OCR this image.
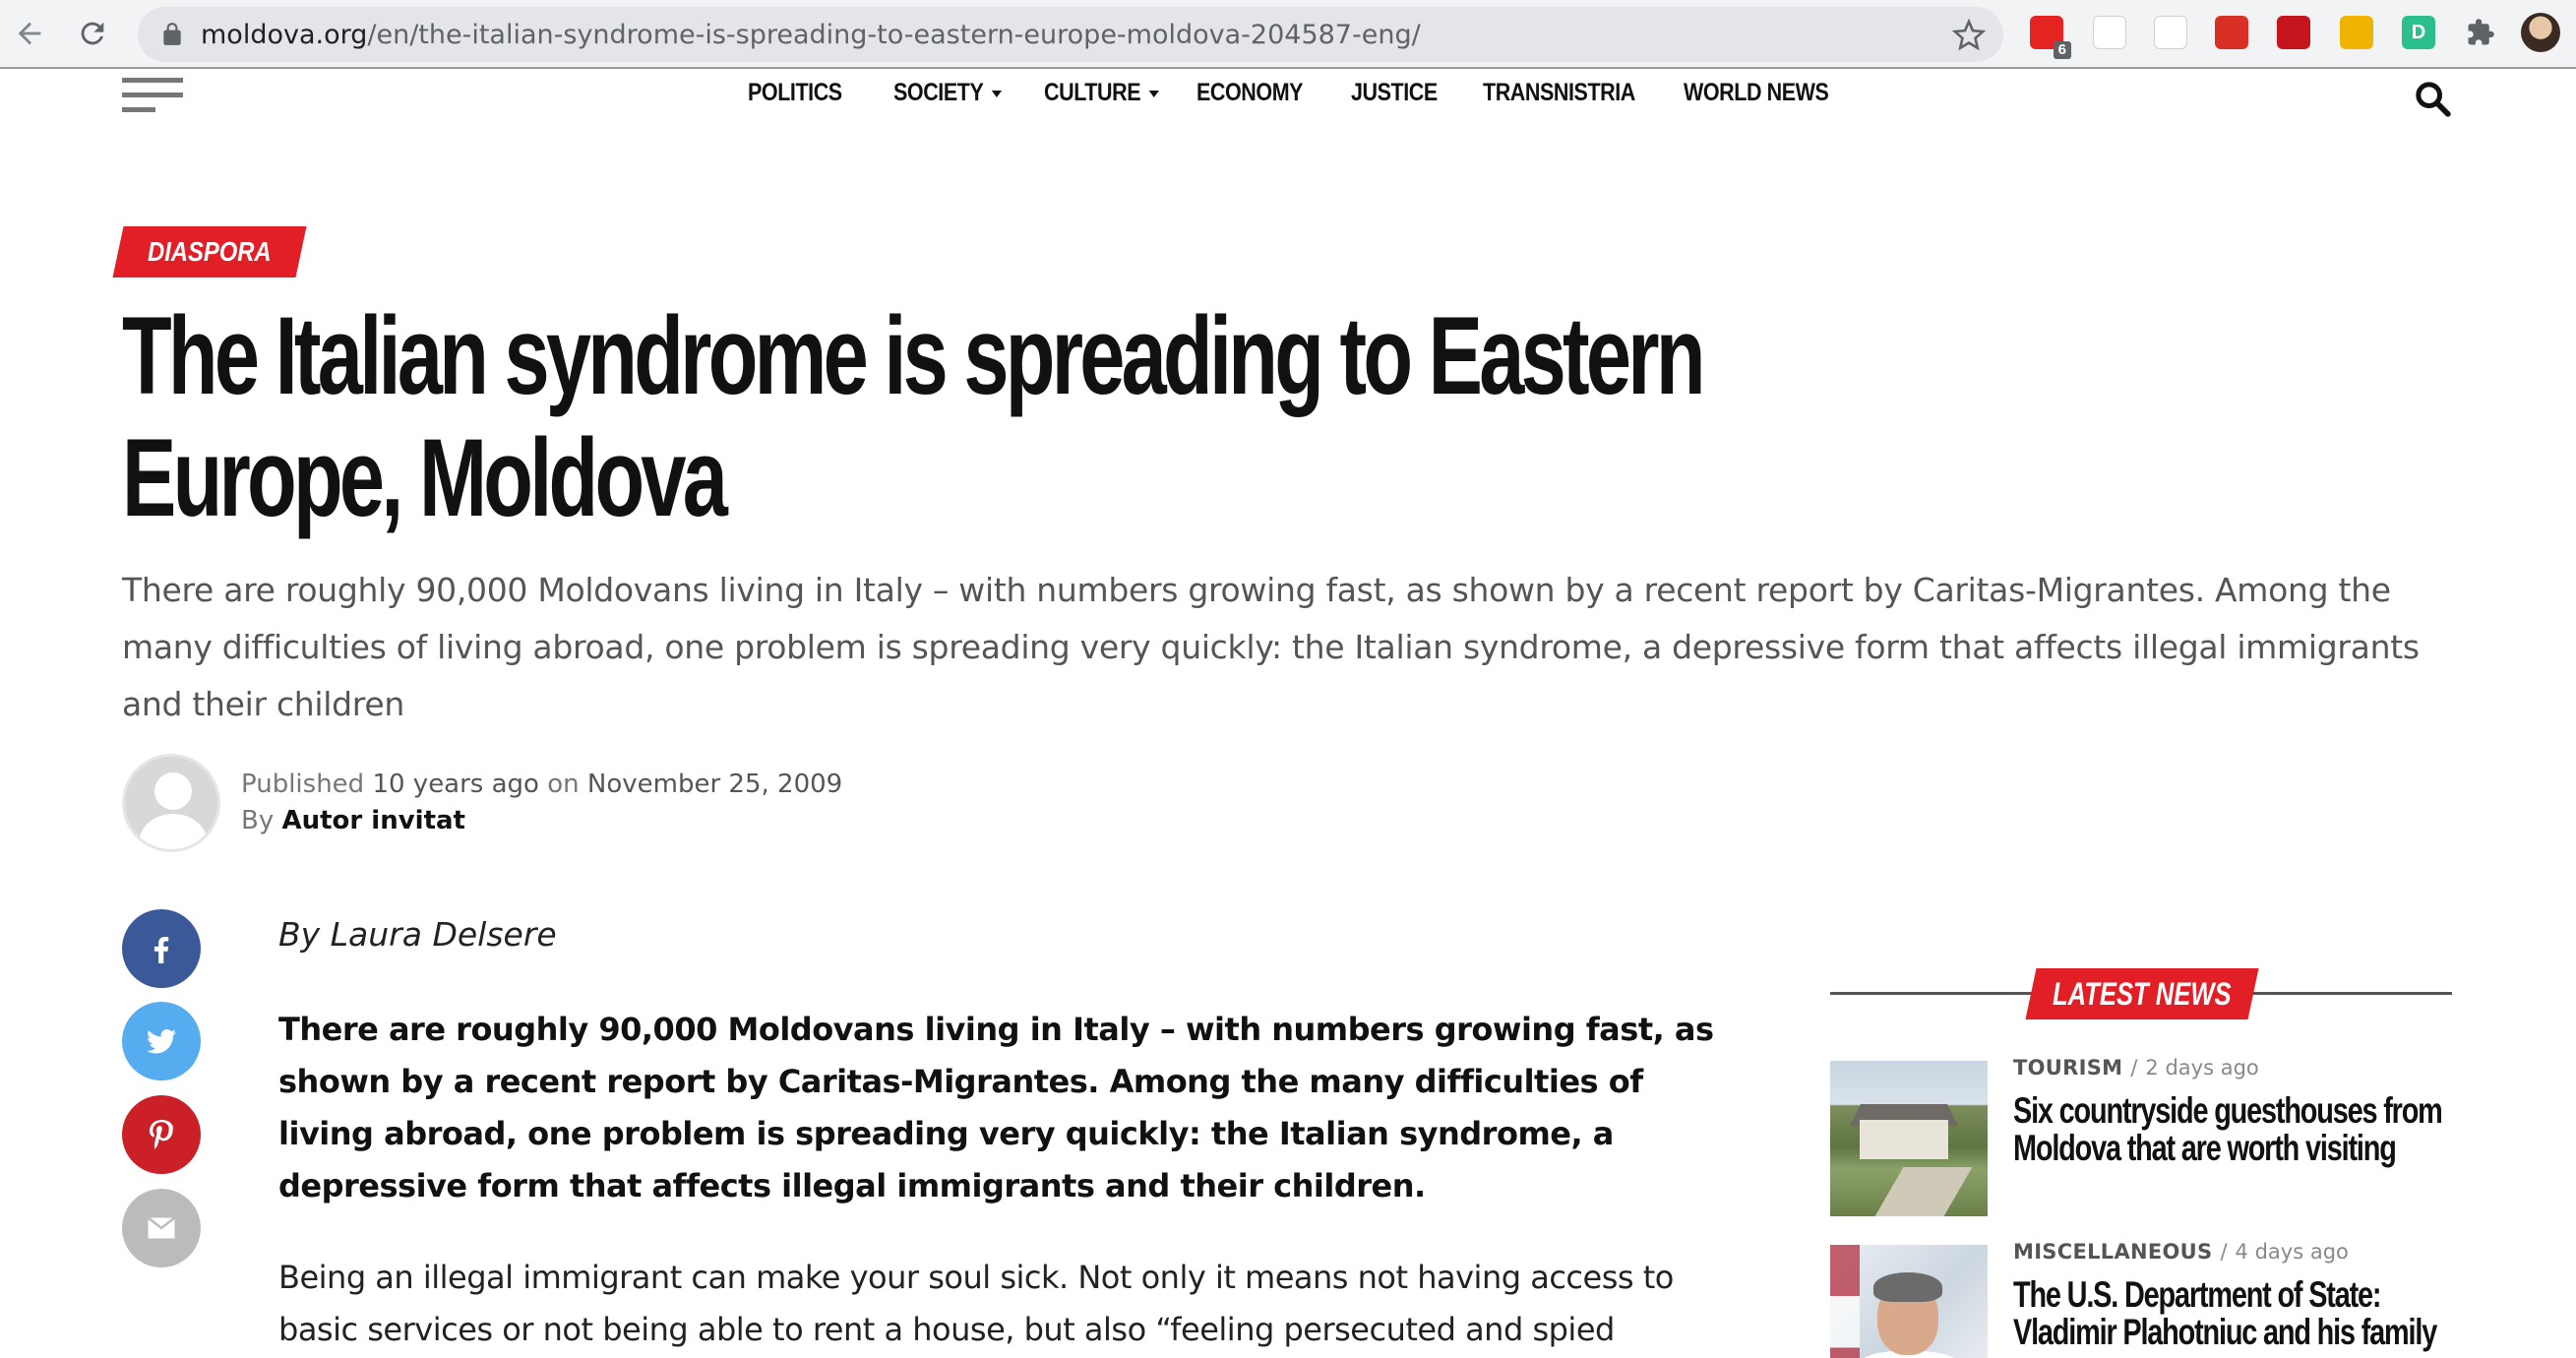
moldova.org/en/the-italian-syndrome-is-spreading-to-eastern-europe-moldova-204587-eng/	6
D
POLITICS SOCIETY	CULTURE	ECONOMY JUSTICE TRANSNISTRIA WORLD NEWS
DIASPORA
The Italian syndrome is spreading to Eastern Europe, Moldova

There are roughly 90,000 Moldovans living in Italy – with numbers growing fast, as shown by a recent report by Caritas-Migrantes. Among the many difficulties of living abroad, one problem is spreading very quickly: the Italian syndrome, a depressive form that affects illegal immigrants and their children

Published 10 years ago on November 25, 2009
By Autor invitat

By Laura Delsere

There are roughly 90,000 Moldovans living in Italy – with numbers growing fast, as shown by a recent report by Caritas-Migrantes. Among the many difficulties of living abroad, one problem is spreading very quickly: the Italian syndrome, a depressive form that affects illegal immigrants and their children.

Being an illegal immigrant can make your soul sick. Not only it means not having access to basic services or not being able to rent a house, but also “feeling persecuted and spied

LATEST NEWS
TOURISM / 2 days ago
Six countryside guesthouses from Moldova that are worth visiting
MISCELLANEOUS / 4 days ago
The U.S. Department of State: Vladimir Plahotniuc and his family
